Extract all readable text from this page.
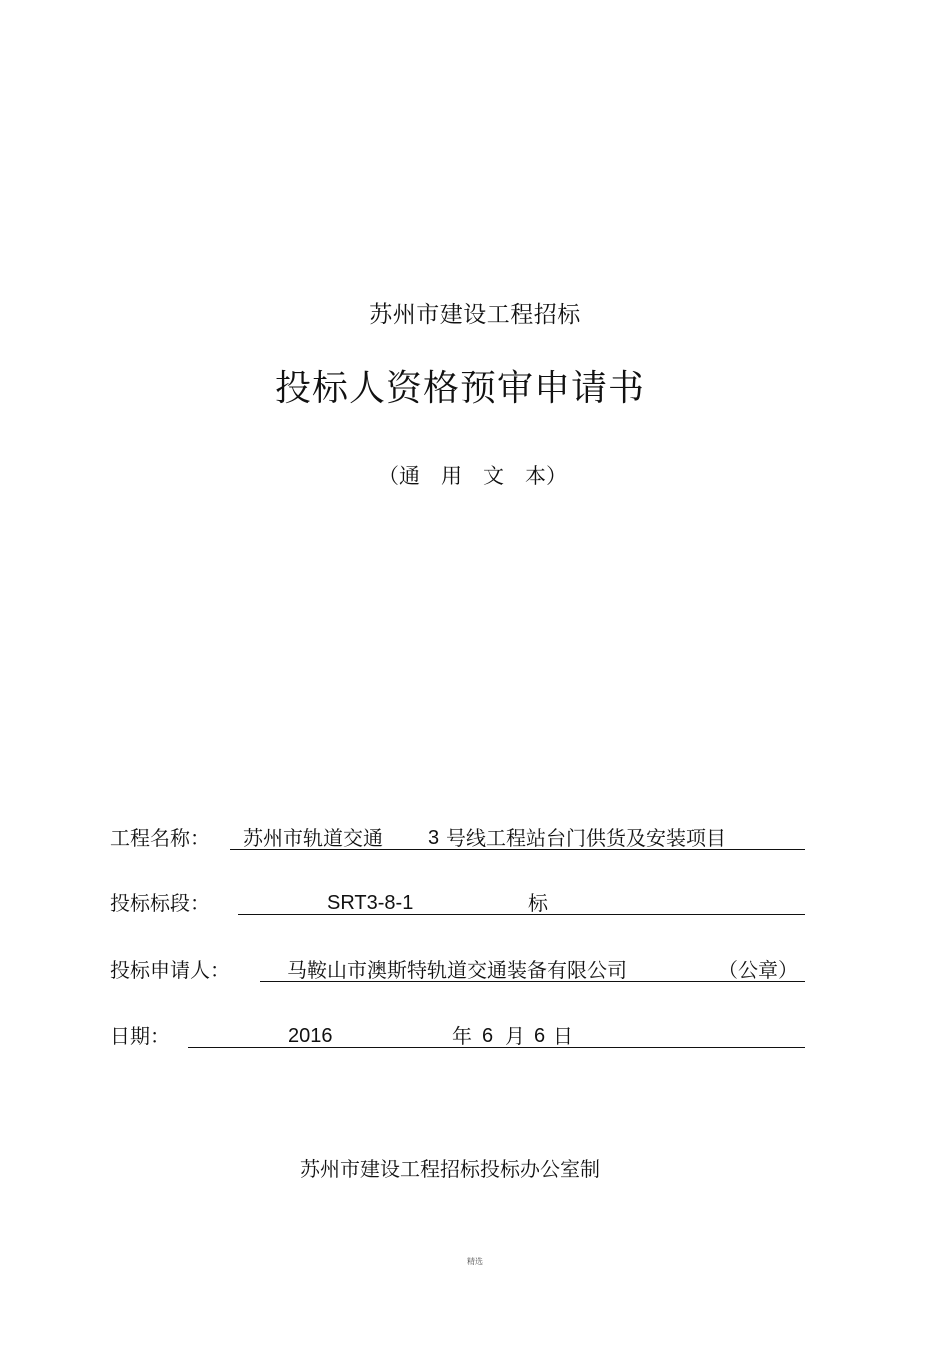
苏州市建设工程招标
投标人资格预审申请书
（通　用　文　本）
工程名称： 苏州市轨道交通 3 号线工程站台门供货及安装项目
投标标段：	SRT3-8-1	标
投标申请人：	马鞍山市澳斯特轨道交通装备有限公司	（公章）
日期：	2016	年 6 月 6 日
苏州市建设工程招标投标办公室制
精选
